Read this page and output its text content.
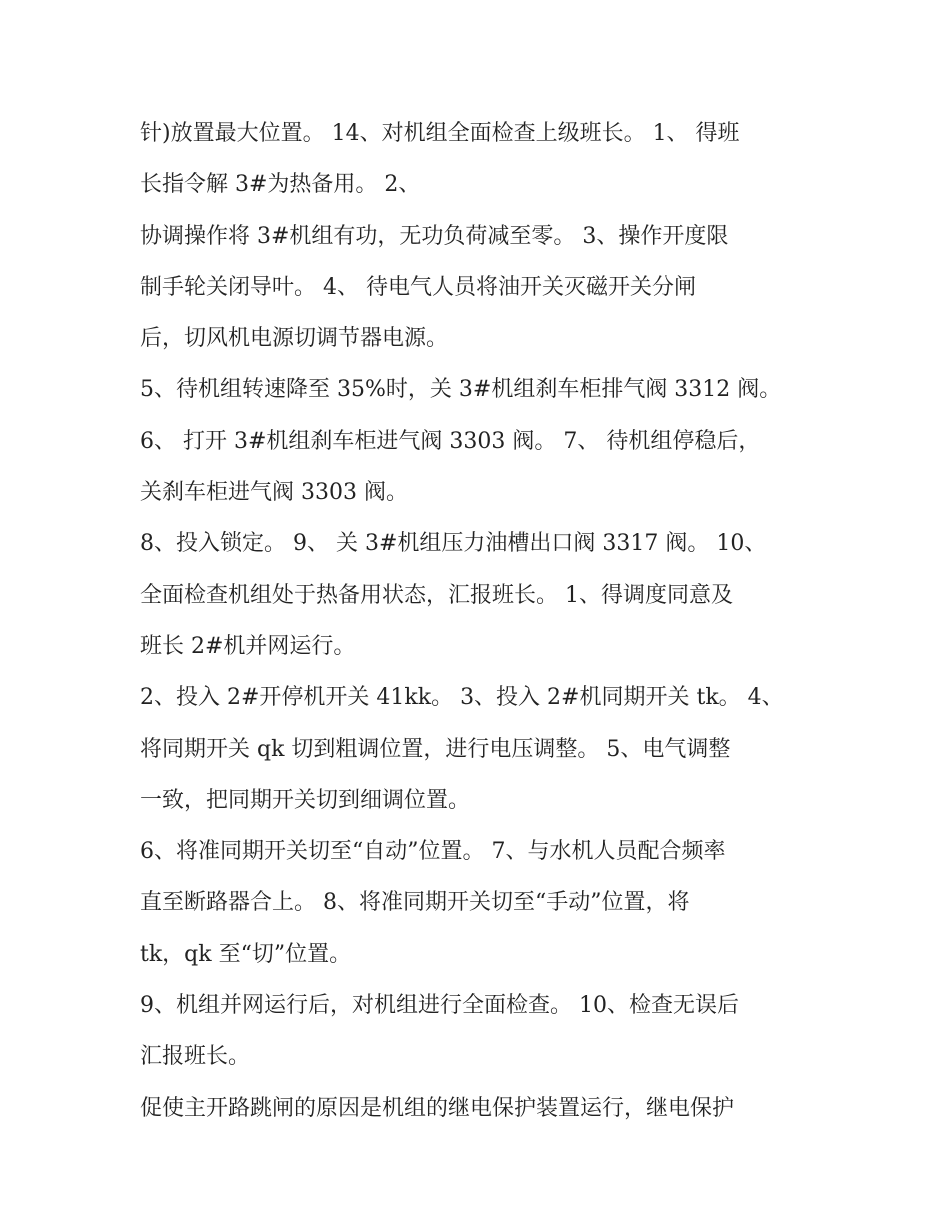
针)放置最大位置。 14、对机组全面检查上级班长。 1、 得班
长指令解 3#为热备用。 2、
协调操作将 3#机组有功，无功负荷减至零。 3、操作开度限
制手轮关闭导叶。 4、 待电气人员将油开关灭磁开关分闸
后，切风机电源切调节器电源。
5、待机组转速降至 35%时，关 3#机组刹车柜排气阀 3312 阀。
6、 打开 3#机组刹车柜进气阀 3303 阀。 7、 待机组停稳后，
关刹车柜进气阀 3303 阀。
8、投入锁定。 9、 关 3#机组压力油槽出口阀 3317 阀。 10、
全面检查机组处于热备用状态，汇报班长。 1、得调度同意及
班长 2#机并网运行。
2、投入 2#开停机开关 41kk。 3、投入 2#机同期开关 tk。 4、
将同期开关 qk 切到粗调位置，进行电压调整。 5、电气调整
一致，把同期开关切到细调位置。
6、将准同期开关切至“自动”位置。 7、与水机人员配合频率
直至断路器合上。 8、将准同期开关切至“手动”位置，将
tk，qk 至“切”位置。
9、机组并网运行后，对机组进行全面检查。 10、检查无误后
汇报班长。
促使主开路跳闸的原因是机组的继电保护装置运行，继电保护
